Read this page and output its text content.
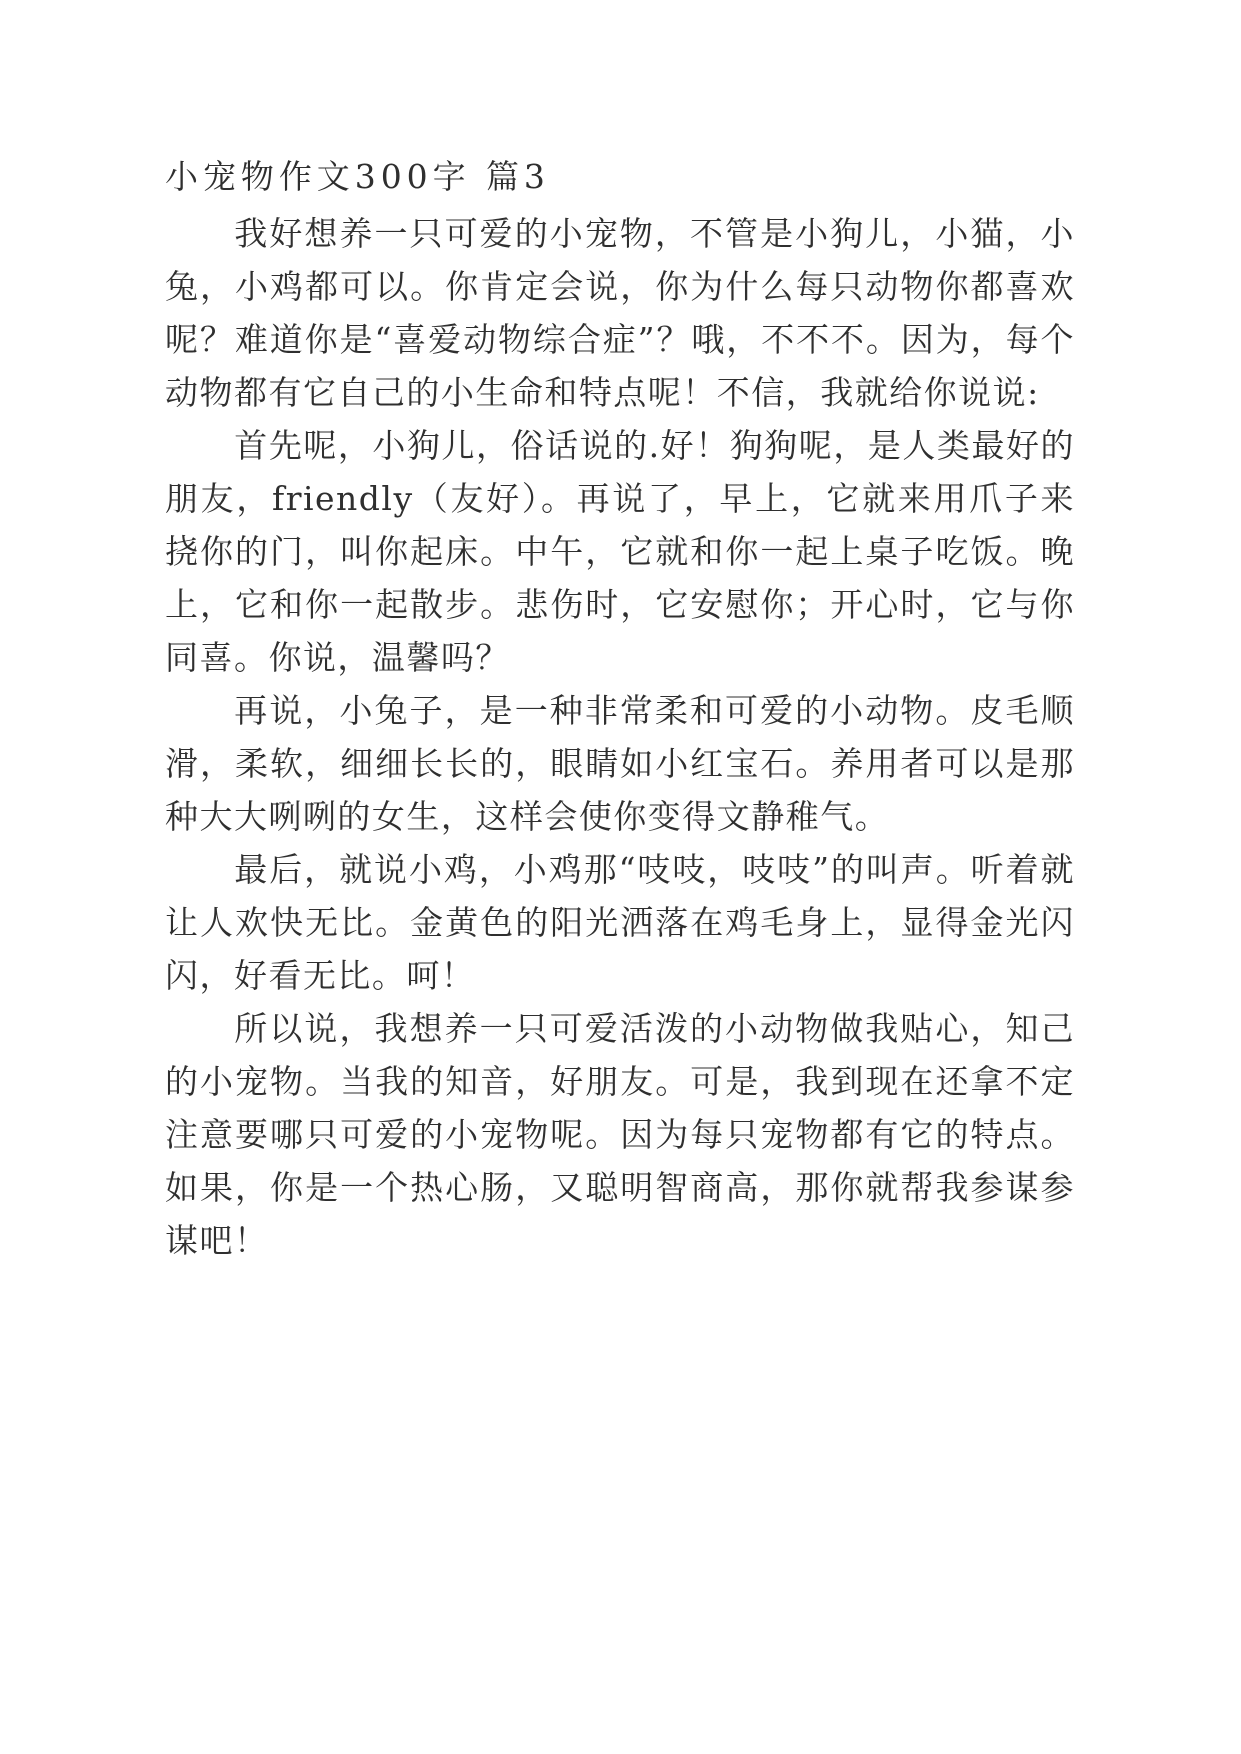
小宠物作文300字 篇3

我好想养一只可爱的小宠物，不管是小狗儿，小猫，小兔，小鸡都可以。你肯定会说，你为什么每只动物你都喜欢呢？难道你是“喜爱动物综合症”？哦，不不不。因为，每个动物都有它自己的小生命和特点呢！不信，我就给你说说:

首先呢，小狗儿，俗话说的.好！狗狗呢，是人类最好的朋友，friendly（友好）。再说了，早上，它就来用爪子来挠你的门，叫你起床。中午，它就和你一起上桌子吃饭。晚上，它和你一起散步。悲伤时，它安慰你；开心时，它与你同喜。你说，温馨吗？

再说，小兔子，是一种非常柔和可爱的小动物。皮毛顺滑，柔软，细细长长的，眼睛如小红宝石。养用者可以是那种大大咧咧的女生，这样会使你变得文静稚气。

最后，就说小鸡，小鸡那“吱吱，吱吱”的叫声。听着就让人欢快无比。金黄色的阳光洒落在鸡毛身上，显得金光闪闪，好看无比。呵！

所以说，我想养一只可爱活泼的小动物做我贴心，知己的小宠物。当我的知音，好朋友。可是，我到现在还拿不定注意要哪只可爱的小宠物呢。因为每只宠物都有它的特点。如果，你是一个热心肠，又聪明智商高，那你就帮我参谋参谋吧！
